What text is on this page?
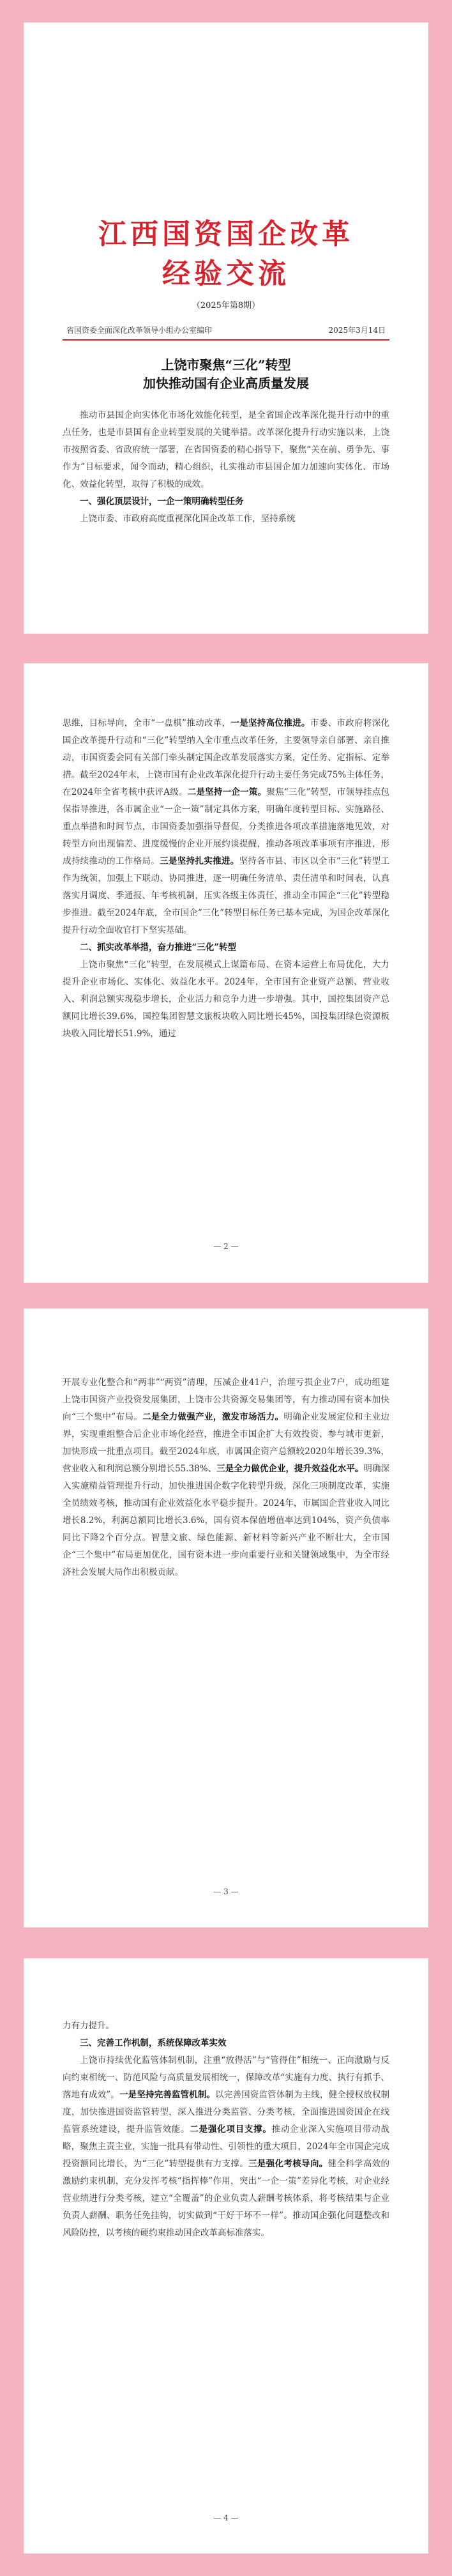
江西国资国企改革
经验交流
（2025年第8期）
省国资委全面深化改革领导小组办公室编印	2025年3月14日
上饶市聚焦“三化”转型
加快推动国有企业高质量发展

推动市县国企向实体化市场化效能化转型，是全省国企改革深化提升行动中的重点任务，也是市县国有企业转型发展的关键举措。改革深化提升行动实施以来，上饶市按照省委、省政府统一部署，在省国资委的精心指导下，聚焦“关在前、勇争先、事作为”目标要求，闻令而动，精心组织，扎实推动市县国企加力加速向实体化、市场化、效益化转型，取得了积极的成效。

一、强化顶层设计，一企一策明确转型任务

上饶市委、市政府高度重视深化国企改革工作，坚持系统

思维，目标导向，全市“一盘棋”推动改革，一是坚持高位推进。市委、市政府将深化国企改革提升行动和“三化”转型纳入全市重点改革任务，主要领导亲自部署、亲自推动，市国资委会同有关部门牵头制定国企改革发展落实方案，定任务、定指标、定举措。截至2024年末，上饶市国有企业改革深化提升行动主要任务完成75%主体任务，在2024年全省考核中获评A级。二是坚持一企一策。聚焦“三化”转型，市领导挂点包保指导推进，各市属企业“一企一策”制定具体方案，明确年度转型目标、实施路径、重点举措和时间节点，市国资委加强指导督促，分类推进各项改革措施落地见效，对转型方向出现偏差、进度缓慢的企业开展约谈提醒，推动各项改革事项有序推进，形成持续推动的工作格局。三是坚持扎实推进。坚持各市县、市区以全市“三化”转型工作为统领，加强上下联动、协同推进，逐一明确任务清单、责任清单和时间表，认真落实月调度、季通报、年考核机制，压实各级主体责任，推动全市国企“三化”转型稳步推进。截至2024年底，全市国企“三化”转型目标任务已基本完成，为国企改革深化提升行动全面收官打下坚实基础。

二、抓实改革举措，奋力推进“三化”转型

上饶市聚焦“三化”转型，在发展模式上谋篇布局、在资本运营上布局优化，大力提升企业市场化、实体化、效益化水平。2024年，全市国有企业资产总额、营业收入、利润总额实现稳步增长，企业活力和竞争力进一步增强。其中，国控集团资产总额同比增长39.6%，国控集团智慧文旅板块收入同比增长45%，国投集团绿色资源板块收入同比增长51.9%，通过

— 2 —

开展专业化整合和“两非”“两资”清理，压减企业41户，治理亏损企业7户，成功组建上饶市国资产业投资发展集团，上饶市公共资源交易集团等，有力推动国有资本加快向“三个集中”布局。二是全力做强产业，激发市场活力。明确企业发展定位和主业边界，实现重组整合后企业市场化经营，推进全市国企扩大有效投资、参与城市更新，加快形成一批重点项目。截至2024年底，市属国企资产总额较2020年增长39.3%，营业收入和利润总额分别增长55.38%、三是全力做优企业，提升效益化水平。明确深入实施精益管理提升行动，加快推进国企数字化转型升级，深化三项制度改革，实施全员绩效考核，推动国有企业效益化水平稳步提升。2024年，市属国企营业收入同比增长8.2%，利润总额同比增长3.6%，国有资本保值增值率达到104%，资产负债率同比下降2个百分点。智慧文旅、绿色能源、新材料等新兴产业不断壮大，全市国企“三个集中”布局更加优化，国有资本进一步向重要行业和关键领域集中，为全市经济社会发展大局作出积极贡献。

— 3 —

力有力提升。

三、完善工作机制，系统保障改革实效

上饶市持续优化监管体制机制，注重“放得活”与“管得住”相统一、正向激励与反向约束相统一、防范风险与高质量发展相统一，保障改革“实施有力度、执行有抓手、落地有成效”。一是坚持完善监管机制。以完善国资监管体制为主线，健全授权放权制度，加快推进国资监管转型，深入推进分类监管、分类考核，全面推进国资国企在线监管系统建设，提升监管效能。二是强化项目支撑。推动企业深入实施项目带动战略，聚焦主责主业，实施一批具有带动性、引领性的重大项目，2024年全市国企完成投资额同比增长，为“三化”转型提供有力支撑。三是强化考核导向。健全科学高效的激励约束机制，充分发挥考核“指挥棒”作用，突出“一企一策”差异化考核，对企业经营业绩进行分类考核，建立“全覆盖”的企业负责人薪酬考核体系，将考核结果与企业负责人薪酬、职务任免挂钩，切实做到“干好干坏不一样”。推动国企强化问题整改和风险防控，以考核的硬约束推动国企改革高标准落实。

— 4 —
